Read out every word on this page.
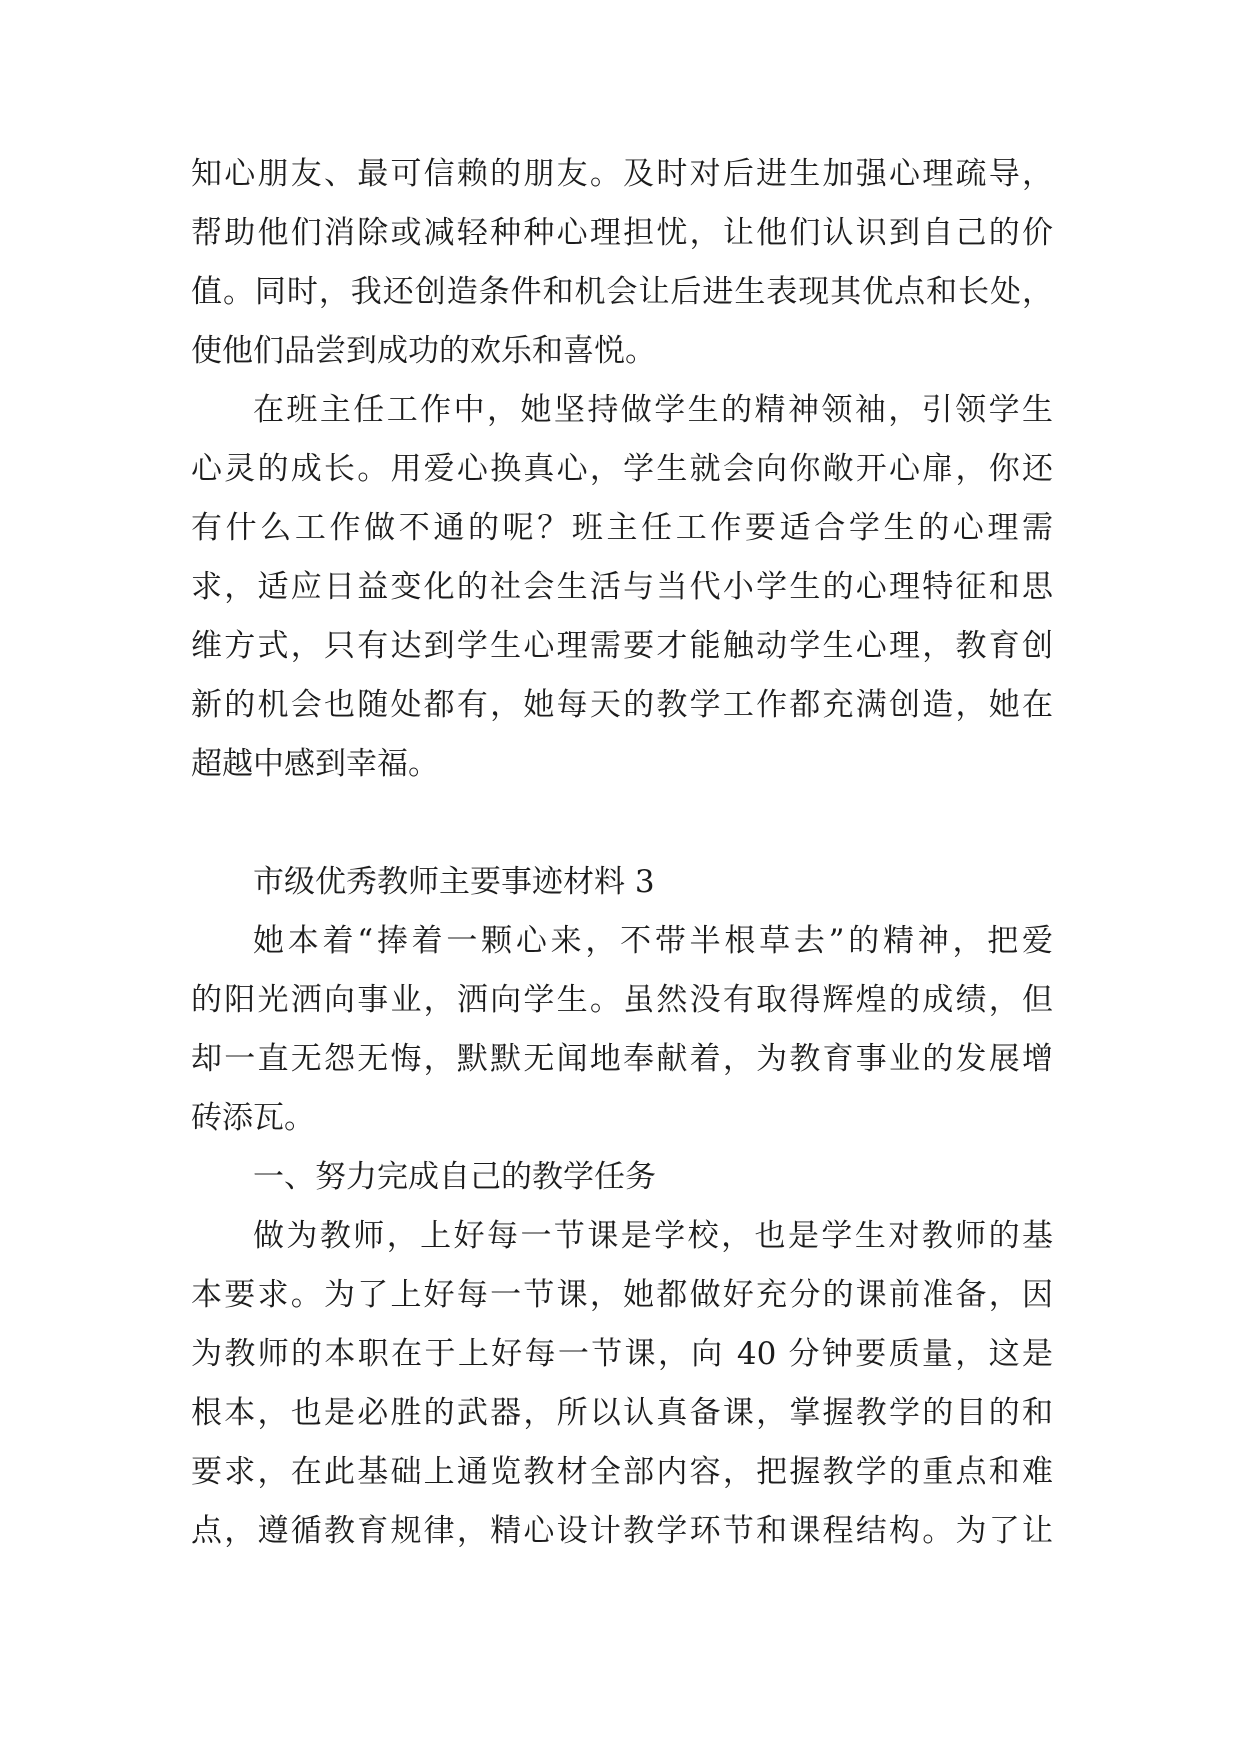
知心朋友、最可信赖的朋友。及时对后进生加强心理疏导，
帮助他们消除或减轻种种心理担忧，让他们认识到自己的价
值。同时，我还创造条件和机会让后进生表现其优点和长处，
使他们品尝到成功的欢乐和喜悦。
在班主任工作中，她坚持做学生的精神领袖，引领学生
心灵的成长。用爱心换真心，学生就会向你敞开心扉，你还
有什么工作做不通的呢？班主任工作要适合学生的心理需
求，适应日益变化的社会生活与当代小学生的心理特征和思
维方式，只有达到学生心理需要才能触动学生心理，教育创
新的机会也随处都有，她每天的教学工作都充满创造，她在
超越中感到幸福。
市级优秀教师主要事迹材料 3
她本着“捧着一颗心来，不带半根草去”的精神，把爱
的阳光洒向事业，洒向学生。虽然没有取得辉煌的成绩，但
却一直无怨无悔，默默无闻地奉献着，为教育事业的发展增
砖添瓦。
一、努力完成自己的教学任务
做为教师，上好每一节课是学校，也是学生对教师的基
本要求。为了上好每一节课，她都做好充分的课前准备，因
为教师的本职在于上好每一节课，向 40 分钟要质量，这是
根本，也是必胜的武器，所以认真备课，掌握教学的目的和
要求，在此基础上通览教材全部内容，把握教学的重点和难
点，遵循教育规律，精心设计教学环节和课程结构。为了让
